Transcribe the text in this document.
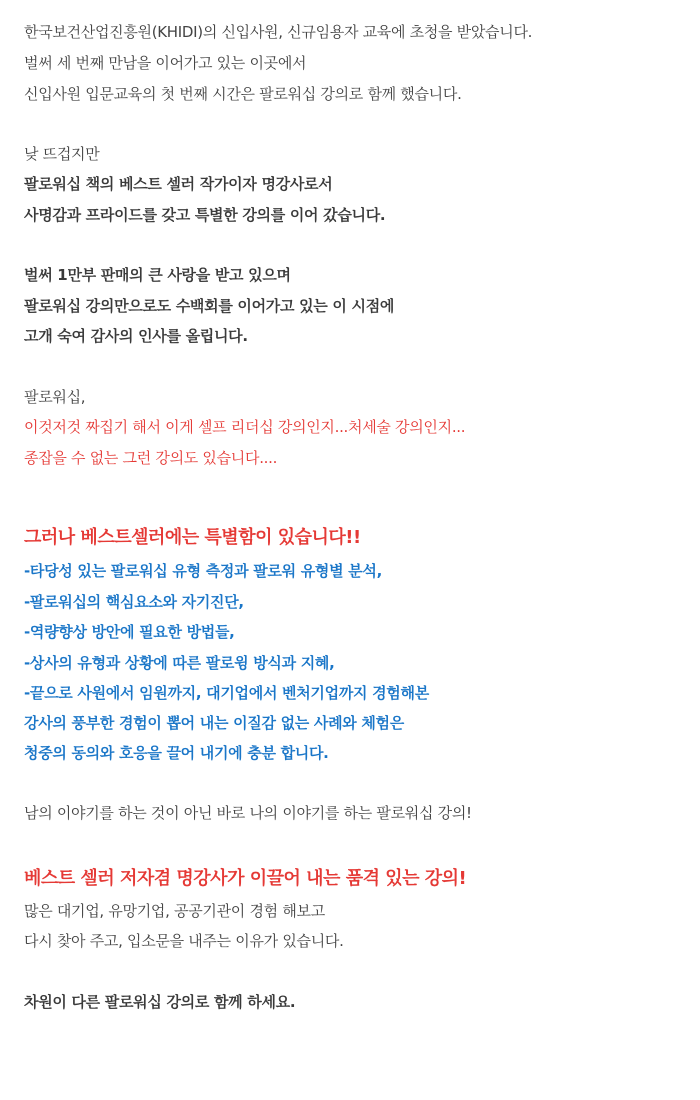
한국보건산업진흥원(KHIDI)의 신입사원, 신규임용자 교육에 초청을 받았습니다.

벌써 세 번째 만남을 이어가고 있는 이곳에서

신입사원 입문교육의 첫 번째 시간은 팔로워십 강의로 함께 했습니다.

낮 뜨겁지만

팔로워십 책의 베스트 셀러 작가이자 명강사로서

사명감과 프라이드를 갖고 특별한 강의를 이어 갔습니다.

벌써 1만부 판매의 큰 사랑을 받고 있으며

팔로워십 강의만으로도 수백회를 이어가고 있는 이 시점에

고개 숙여 감사의 인사를 올립니다.

팔로워십,

이것저것 짜집기 해서 이게 셀프 리더십 강의인지...처세술 강의인지...

종잡을 수 없는 그런 강의도 있습니다....

그러나 베스트셀러에는 특별함이 있습니다!!

-타당성 있는 팔로워십 유형 측정과 팔로워 유형별 분석,

-팔로워십의 핵심요소와 자기진단,

-역량향상 방안에 필요한 방법들,

-상사의 유형과 상황에 따른 팔로윙 방식과 지혜,

-끝으로 사원에서 임원까지, 대기업에서 벤처기업까지 경험해본

강사의 풍부한 경험이 뽑어 내는 이질감 없는 사례와 체험은

청중의 동의와 호응을 끌어 내기에 충분 합니다.

남의 이야기를 하는 것이 아닌 바로 나의 이야기를 하는 팔로워십 강의!

베스트 셀러 저자겸 명강사가 이끌어 내는 품격 있는 강의!

많은 대기업, 유망기업, 공공기관이 경험 해보고

다시 찾아 주고, 입소문을 내주는 이유가 있습니다.

차원이 다른 팔로워십 강의로 함께 하세요.
